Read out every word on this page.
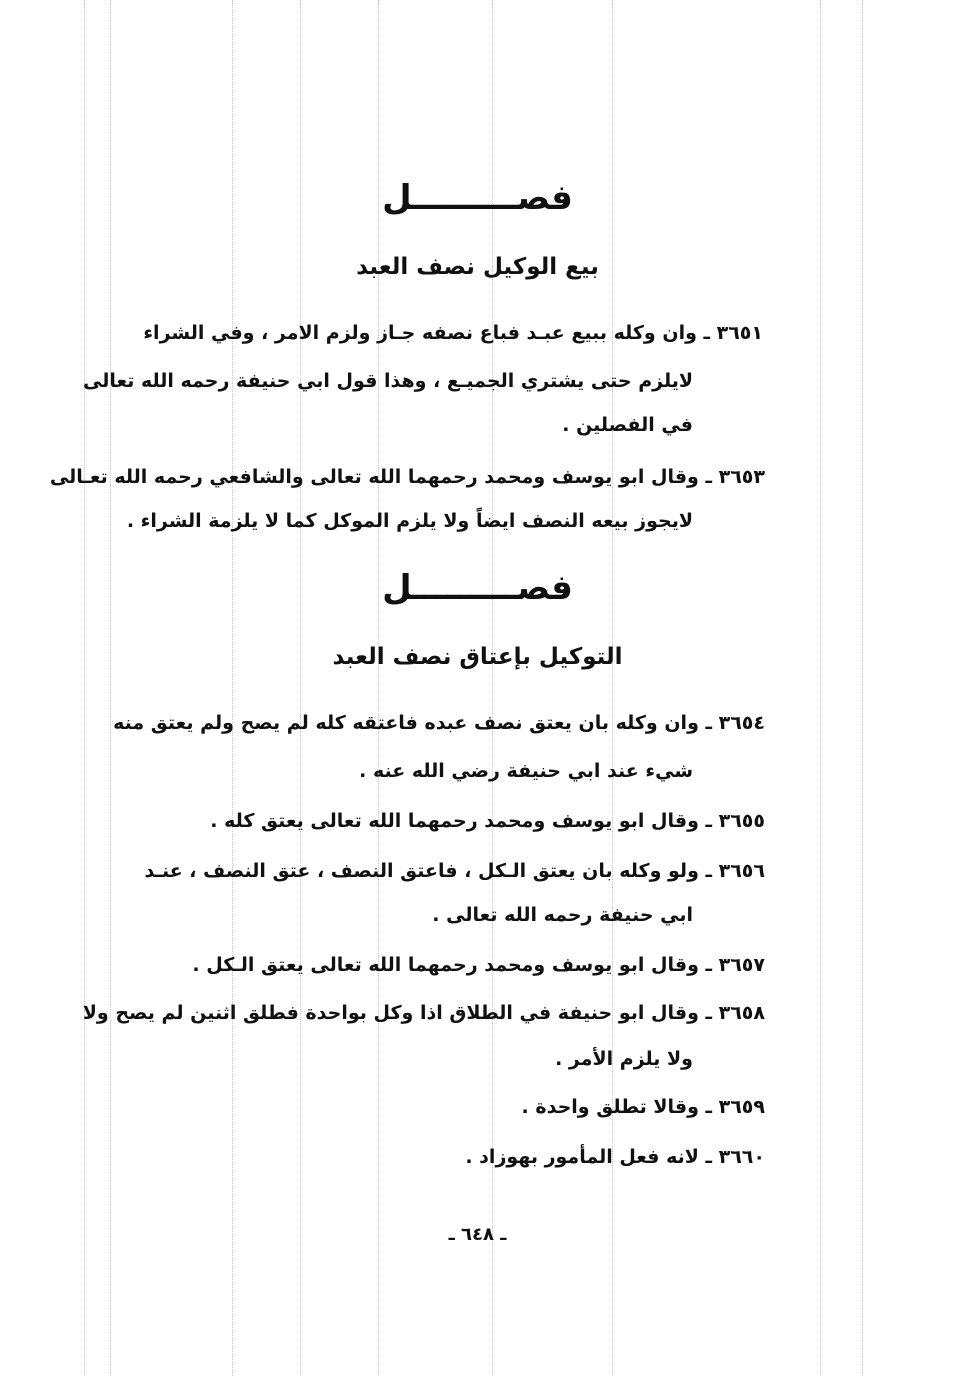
فصـــــــــل
بيع الوكيل نصف العبد
٣٦٥١ ـ وان وكله ببيع عبـد فباع نصفه جـاز ولزم الامر ، وفي الشراء
لايلزم حتى يشتري الجميـع ، وهذا قول ابي حنيفة رحمه الله تعالى
في الفصلين .
٣٦٥٣ ـ وقال ابو يوسف ومحمد رحمهما الله تعالى والشافعي رحمه الله تعـالى
لايجوز بيعه النصف ايضاً ولا يلزم الموكل كما لا يلزمة الشراء .
فصـــــــــل
التوكيل بإعتاق نصف العبد
٣٦٥٤ ـ وان وكله بان يعتق نصف عبده فاعتقه كله لم يصح ولم يعتق منه
شيء عند ابي حنيفة رضي الله عنه .
٣٦٥٥ ـ وقال ابو يوسف ومحمد رحمهما الله تعالى يعتق كله .
٣٦٥٦ ـ ولو وكله بان يعتق الـكل ، فاعتق النصف ، عتق النصف ، عنـد
ابي حنيفة رحمه الله تعالى .
٣٦٥٧ ـ وقال ابو يوسف ومحمد رحمهما الله تعالى يعتق الـكل .
٣٦٥٨ ـ وقال ابو حنيفة في الطلاق اذا وكل بواحدة فطلق اثنين لم يصح ولا
ولا يلزم الأمر .
٣٦٥٩ ـ وقالا تطلق واحدة .
٣٦٦٠ ـ لانه فعل المأمور بهوزاد .
ـ ٦٤٨ ـ
